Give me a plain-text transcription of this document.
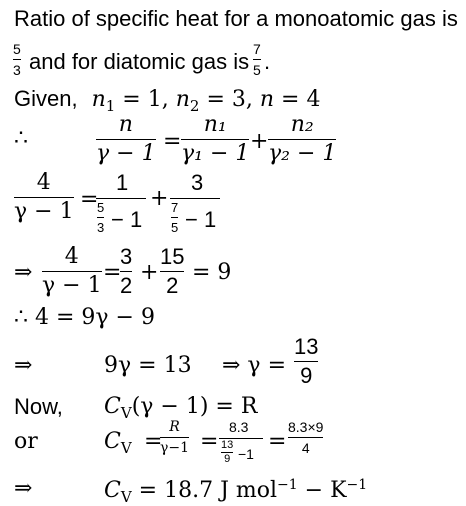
Ratio of specific heat for a monoatomic gas is
5
3 and for diatomic gas is 7
5 .
Given, $n_1 = 1$, $n_2 = 3$, n = 4
∴
n
γ − 1 =
n₁
γ₁ − 1 +
n₂
γ₂ − 1
4
γ − 1 =
1
5
3 − 1
+
3
7
5 − 1
⇒
4
γ − 1
=
3
2
+
15
2
= 9
∴ 4 = 9γ − 9
⇒	9γ = 13 ⇒ γ =
13
9
Now, $C_V(\gamma - 1) = R$
or	$C_V$ =
R
γ−1 =
8.3
13
9 −1 =
8.3×9
4
⇒	$C_V = 18.7$ J $mol^{-1} - K^{-1}$
